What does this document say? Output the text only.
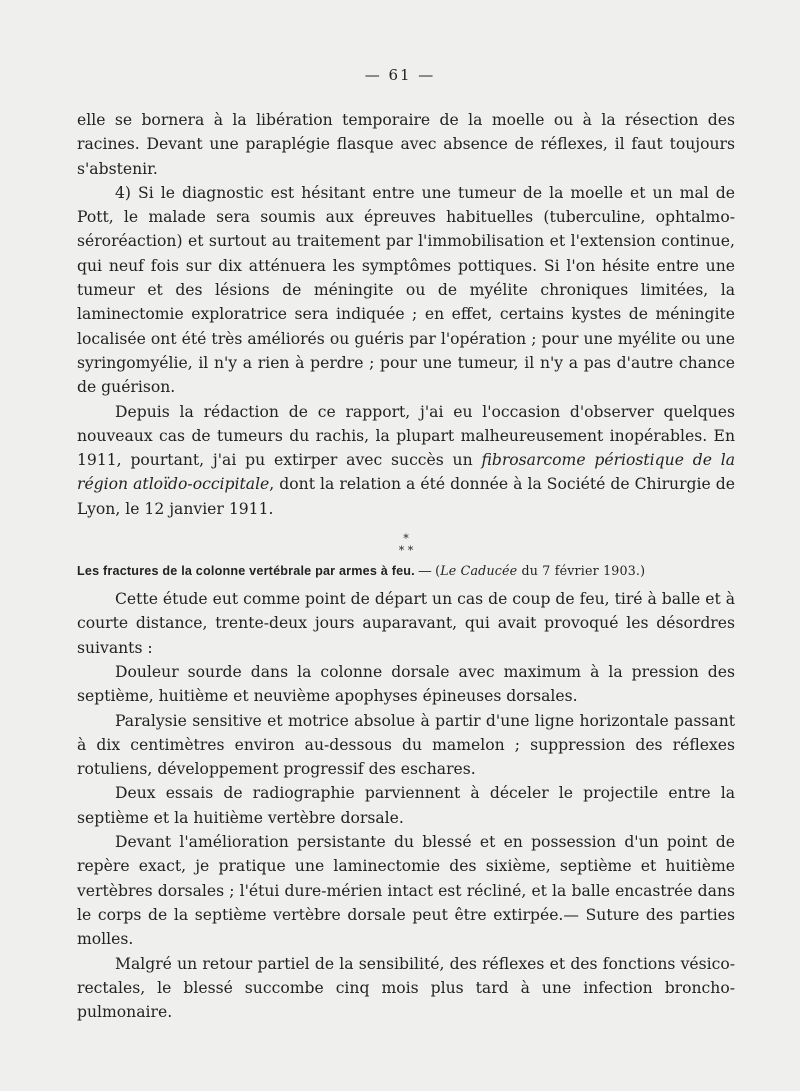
— 61 —

elle se bornera à la libération temporaire de la moelle ou à la résection des racines. Devant une paraplégie flasque avec absence de réflexes, il faut toujours s'abstenir.

4) Si le diagnostic est hésitant entre une tumeur de la moelle et un mal de Pott, le malade sera soumis aux épreuves habituelles (tuberculine, ophtalmo-séroréaction) et surtout au traitement par l'immobilisation et l'extension continue, qui neuf fois sur dix atténuera les symptômes pottiques. Si l'on hésite entre une tumeur et des lésions de méningite ou de myélite chroniques limitées, la laminectomie exploratrice sera indiquée ; en effet, certains kystes de méningite localisée ont été très améliorés ou guéris par l'opération ; pour une myélite ou une syringomyélie, il n'y a rien à perdre ; pour une tumeur, il n'y a pas d'autre chance de guérison.

Depuis la rédaction de ce rapport, j'ai eu l'occasion d'observer quelques nouveaux cas de tumeurs du rachis, la plupart malheureusement inopérables. En 1911, pourtant, j'ai pu extirper avec succès un fibrosarcome périostique de la région atloïdo-occipitale, dont la relation a été donnée à la Société de Chirurgie de Lyon, le 12 janvier 1911.

*
* *
Les fractures de la colonne vertébrale par armes à feu. — (Le Caducée du 7 février 1903.)

Cette étude eut comme point de départ un cas de coup de feu, tiré à balle et à courte distance, trente-deux jours auparavant, qui avait provoqué les désordres suivants :

Douleur sourde dans la colonne dorsale avec maximum à la pression des septième, huitième et neuvième apophyses épineuses dorsales.

Paralysie sensitive et motrice absolue à partir d'une ligne horizontale passant à dix centimètres environ au-dessous du mamelon ; suppression des réflexes rotuliens, développement progressif des eschares.

Deux essais de radiographie parviennent à déceler le projectile entre la septième et la huitième vertèbre dorsale.

Devant l'amélioration persistante du blessé et en possession d'un point de repère exact, je pratique une laminectomie des sixième, septième et huitième vertèbres dorsales ; l'étui dure-mérien intact est récliné, et la balle encastrée dans le corps de la septième vertèbre dorsale peut être extirpée.— Suture des parties molles.

Malgré un retour partiel de la sensibilité, des réflexes et des fonctions vésico-rectales, le blessé succombe cinq mois plus tard à une infection broncho-pulmonaire.
